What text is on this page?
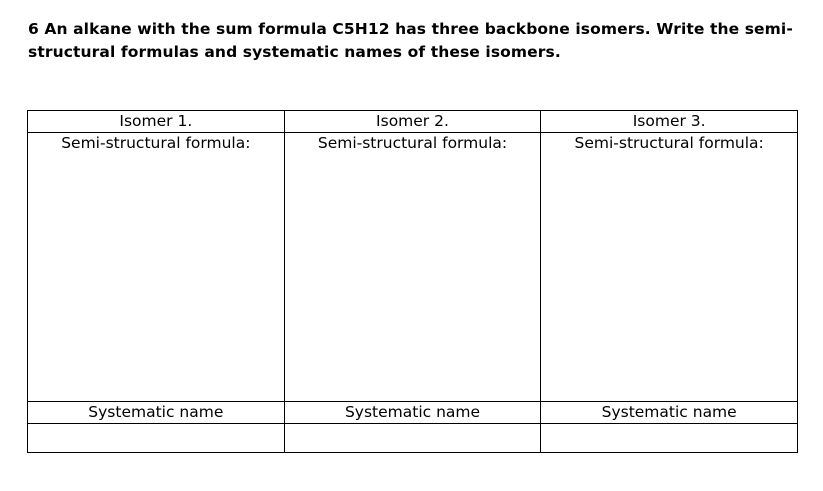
6 An alkane with the sum formula C5H12 has three backbone isomers. Write the semi-structural formulas and systematic names of these isomers.
Isomer 1.	Isomer 2.	Isomer 3.

Semi-structural formula:	Semi-structural formula:	Semi-structural formula:

Systematic name	Systematic name	Systematic name
